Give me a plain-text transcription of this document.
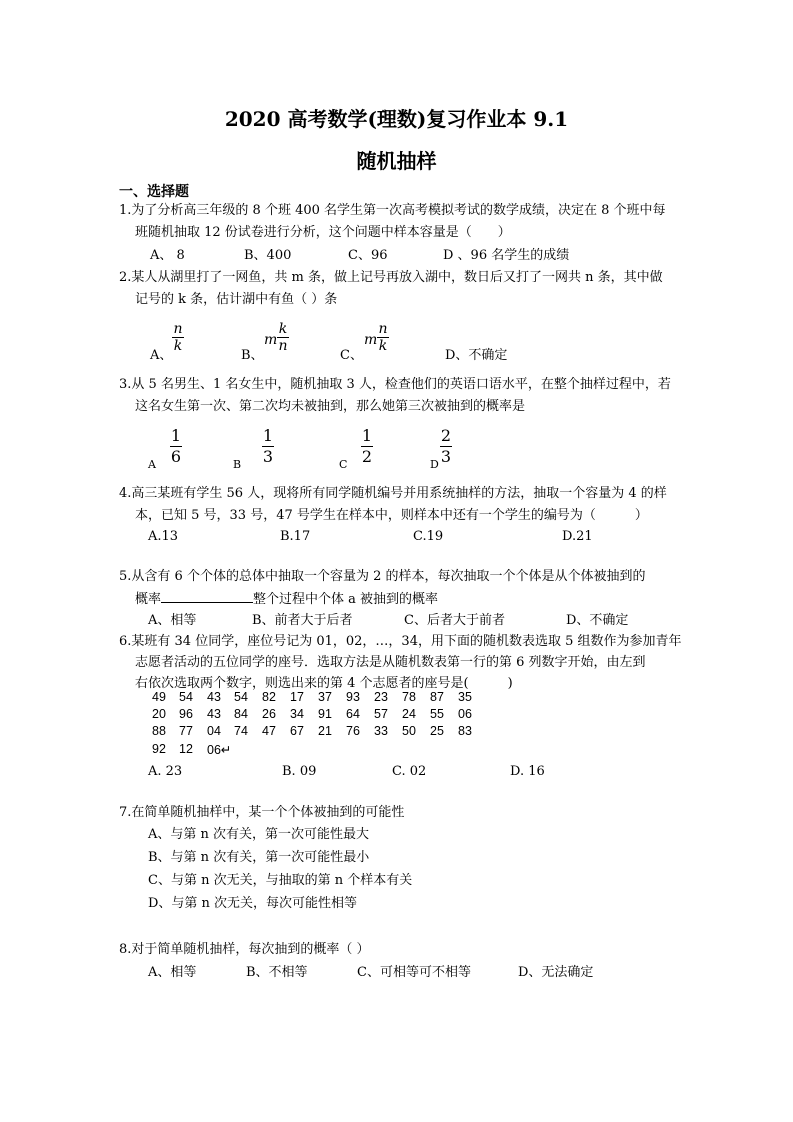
2020 高考数学(理数)复习作业本 9.1
随机抽样
一、选择题
1.为了分析高三年级的 8 个班 400 名学生第一次高考模拟考试的数学成绩，决定在 8 个班中每
班随机抽取 12 份试卷进行分析，这个问题中样本容量是（　　）
A、 8	B、400	C、96	D 、96 名学生的成绩
2.某人从湖里打了一网鱼，共 m 条，做上记号再放入湖中，数日后又打了一网共 n 条，其中做
记号的 k 条，估计湖中有鱼（ ）条
A、
n
k
B、
m
k
n
C、
m
n
k
D、不确定
3.从 5 名男生、1 名女生中，随机抽取 3 人，检查他们的英语口语水平，在整个抽样过程中，若
这名女生第一次、第二次均未被抽到，那么她第三次被抽到的概率是
A
1
6	B
1
3	C
1
2	D
2
3
4.高三某班有学生 56 人，现将所有同学随机编号并用系统抽样的方法，抽取一个容量为 4 的样
本，已知 5 号，33 号，47 号学生在样本中，则样本中还有一个学生的编号为（　　　）
A.13	B.17	C.19	D.21
5.从含有 6 个个体的总体中抽取一个容量为 2 的样本，每次抽取一个个体是从个体被抽到的
概率	整个过程中个体 a 被抽到的概率
A、相等	B、前者大于后者	C、后者大于前者	D、不确定
6.某班有 34 位同学，座位号记为 01，02，…，34，用下面的随机数表选取 5 组数作为参加青年
志愿者活动的五位同学的座号．选取方法是从随机数表第一行的第 6 列数字开始，由左到
右依次选取两个数字，则选出来的第 4 个志愿者的座号是(　　　)
49	54	43	54	82	17	37	93	23	78	87	35
20	96	43	84	26	34	91	64	57	24	55	06
88	77	04	74	47	67	21	76	33	50	25	83
92	12	06↵
A. 23	B. 09	C. 02	D. 16
7.在简单随机抽样中，某一个个体被抽到的可能性
A、与第 n 次有关，第一次可能性最大
B、与第 n 次有关，第一次可能性最小
C、与第 n 次无关，与抽取的第 n 个样本有关
D、与第 n 次无关，每次可能性相等
8.对于简单随机抽样，每次抽到的概率（ ）
A、相等	B、不相等	C、可相等可不相等	D、无法确定
